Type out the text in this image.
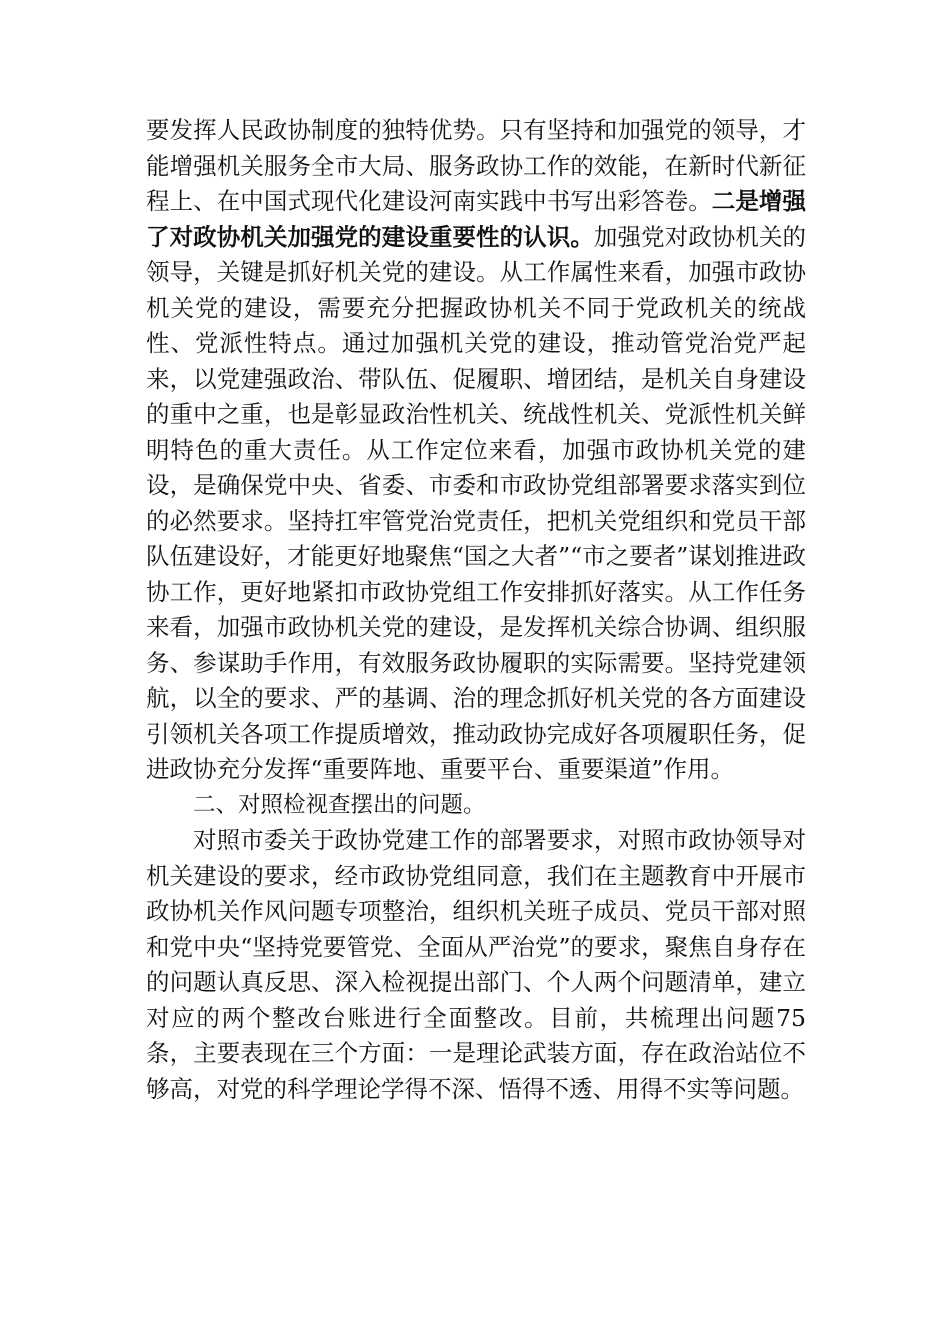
要发挥人民政协制度的独特优势。只有坚持和加强党的领导，才能增强机关服务全市大局、服务政协工作的效能，在新时代新征程上、在中国式现代化建设河南实践中书写出彩答卷。二是增强了对政协机关加强党的建设重要性的认识。加强党对政协机关的领导，关键是抓好机关党的建设。从工作属性来看，加强市政协机关党的建设，需要充分把握政协机关不同于党政机关的统战性、党派性特点。通过加强机关党的建设，推动管党治党严起来，以党建强政治、带队伍、促履职、增团结，是机关自身建设的重中之重，也是彰显政治性机关、统战性机关、党派性机关鲜明特色的重大责任。从工作定位来看，加强市政协机关党的建设，是确保党中央、省委、市委和市政协党组部署要求落实到位的必然要求。坚持扛牢管党治党责任，把机关党组织和党员干部队伍建设好，才能更好地聚焦“国之大者”“市之要者”谋划推进政协工作，更好地紧扣市政协党组工作安排抓好落实。从工作任务来看，加强市政协机关党的建设，是发挥机关综合协调、组织服务、参谋助手作用，有效服务政协履职的实际需要。坚持党建领航，以全的要求、严的基调、治的理念抓好机关党的各方面建设引领机关各项工作提质增效，推动政协完成好各项履职任务，促进政协充分发挥“重要阵地、重要平台、重要渠道”作用。

二、对照检视查摆出的问题。

对照市委关于政协党建工作的部署要求，对照市政协领导对机关建设的要求，经市政协党组同意，我们在主题教育中开展市政协机关作风问题专项整治，组织机关班子成员、党员干部对照和党中央“坚持党要管党、全面从严治党”的要求，聚焦自身存在的问题认真反思、深入检视提出部门、个人两个问题清单，建立对应的两个整改台账进行全面整改。目前，共梳理出问题75条，主要表现在三个方面：一是理论武装方面，存在政治站位不够高，对党的科学理论学得不深、悟得不透、用得不实等问题。
